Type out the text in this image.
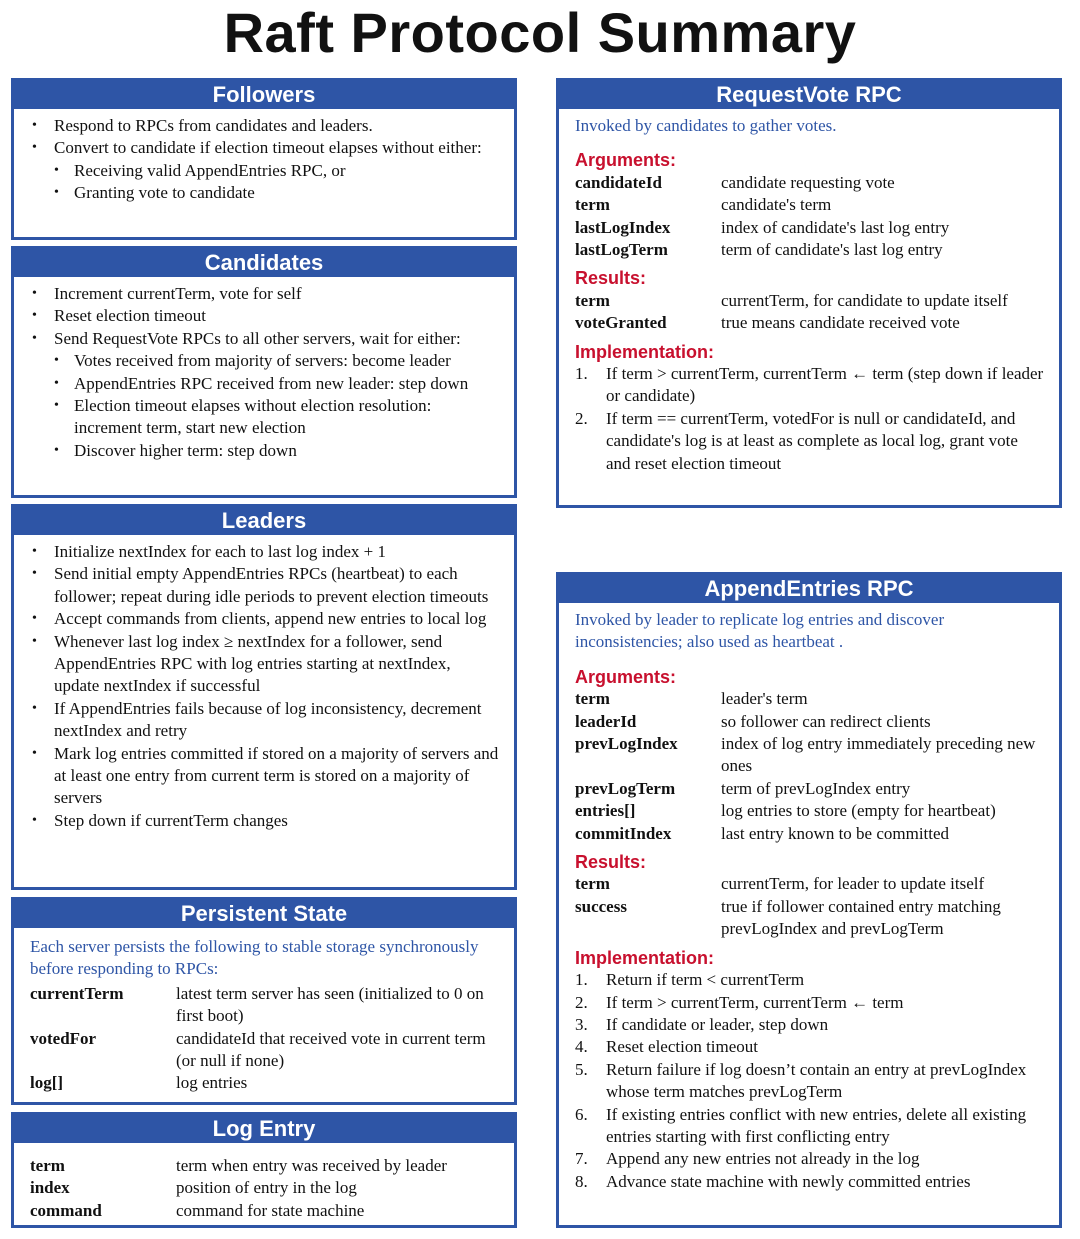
Raft Protocol Summary
Followers
• Respond to RPCs from candidates and leaders.
• Convert to candidate if election timeout elapses without either:
• Receiving valid AppendEntries RPC, or
• Granting vote to candidate
Candidates
• Increment currentTerm, vote for self
• Reset election timeout
• Send RequestVote RPCs to all other servers, wait for either:
• Votes received from majority of servers: become leader
• AppendEntries RPC received from new leader: step down
• Election timeout elapses without election resolution: increment term, start new election
• Discover higher term: step down
Leaders
• Initialize nextIndex for each to last log index + 1
• Send initial empty AppendEntries RPCs (heartbeat) to each follower; repeat during idle periods to prevent election timeouts
• Accept commands from clients, append new entries to local log
• Whenever last log index ≥ nextIndex for a follower, send AppendEntries RPC with log entries starting at nextIndex, update nextIndex if successful
• If AppendEntries fails because of log inconsistency, decrement nextIndex and retry
• Mark log entries committed if stored on a majority of servers and at least one entry from current term is stored on a majority of servers
• Step down if currentTerm changes
Persistent State
Each server persists the following to stable storage synchronously before responding to RPCs:
currentTerm	latest term server has seen (initialized to 0 on first boot)
votedFor	candidateId that received vote in current term (or null if none)
log[]	log entries
Log Entry
term	term when entry was received by leader
index	position of entry in the log
command	command for state machine
RequestVote RPC
Invoked by candidates to gather votes.
Arguments:
candidateId	candidate requesting vote
term	candidate's term
lastLogIndex	index of candidate's last log entry
lastLogTerm	term of candidate's last log entry
Results:
term	currentTerm, for candidate to update itself
voteGranted	true means candidate received vote
Implementation:
1. If term > currentTerm, currentTerm ← term (step down if leader or candidate)
2. If term == currentTerm, votedFor is null or candidateId, and candidate's log is at least as complete as local log, grant vote and reset election timeout
AppendEntries RPC
Invoked by leader to replicate log entries and discover inconsistencies; also used as heartbeat .
Arguments:
term	leader's term
leaderId	so follower can redirect clients
prevLogIndex	index of log entry immediately preceding new ones
prevLogTerm	term of prevLogIndex entry
entries[]	log entries to store (empty for heartbeat)
commitIndex	last entry known to be committed
Results:
term	currentTerm, for leader to update itself
success	true if follower contained entry matching prevLogIndex and prevLogTerm
Implementation:
1. Return if term < currentTerm
2. If term > currentTerm, currentTerm ← term
3. If candidate or leader, step down
4. Reset election timeout
5. Return failure if log doesn’t contain an entry at prevLogIndex whose term matches prevLogTerm
6. If existing entries conflict with new entries, delete all existing entries starting with first conflicting entry
7. Append any new entries not already in the log
8. Advance state machine with newly committed entries
